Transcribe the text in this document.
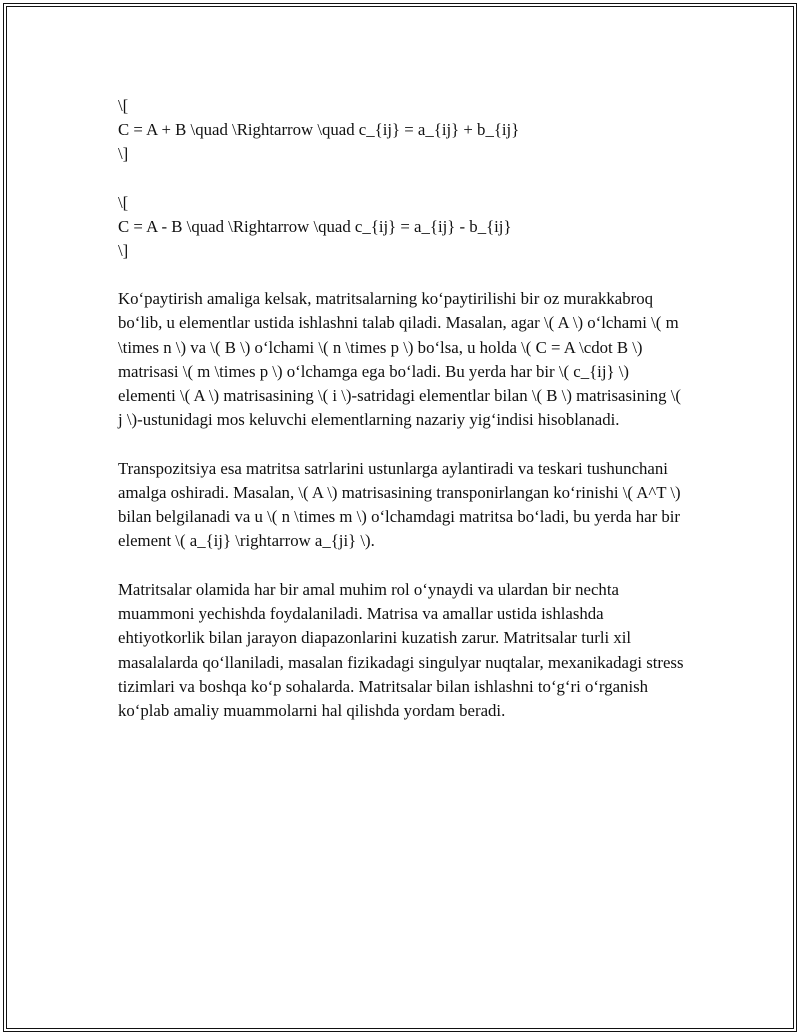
\[
C = A + B \quad \Rightarrow \quad c_{ij} = a_{ij} + b_{ij}
\]
\[
C = A - B \quad \Rightarrow \quad c_{ij} = a_{ij} - b_{ij}
\]

Ko‘paytirish amaliga kelsak, matritsalarning ko‘paytirilishi bir oz murakkabroq bo‘lib, u elementlar ustida ishlashni talab qiladi. Masalan, agar \( A \) o‘lchami \( m \times n \) va \( B \) o‘lchami \( n \times p \) bo‘lsa, u holda \( C = A \cdot B \) matrisasi \( m \times p \) o‘lchamga ega bo‘ladi. Bu yerda har bir \( c_{ij} \) elementi \( A \) matrisasining \( i \)-satridagi elementlar bilan \( B \) matrisasining \( j \)-ustunidagi mos keluvchi elementlarning nazariy yig‘indisi hisoblanadi.

Transpozitsiya esa matritsa satrlarini ustunlarga aylantiradi va teskari tushunchani amalga oshiradi. Masalan, \( A \) matrisasining transponirlangan ko‘rinishi \( A^T \) bilan belgilanadi va u \( n \times m \) o‘lchamdagi matritsa bo‘ladi, bu yerda har bir element \( a_{ij} \rightarrow a_{ji} \).

Matritsalar olamida har bir amal muhim rol o‘ynaydi va ulardan bir nechta muammoni yechishda foydalaniladi. Matrisa va amallar ustida ishlashda ehtiyotkorlik bilan jarayon diapazonlarini kuzatish zarur. Matritsalar turli xil masalalarda qo‘llaniladi, masalan fizikadagi singulyar nuqtalar, mexanikadagi stress tizimlari va boshqa ko‘p sohalarda. Matritsalar bilan ishlashni to‘g‘ri o‘rganish ko‘plab amaliy muammolarni hal qilishda yordam beradi.
